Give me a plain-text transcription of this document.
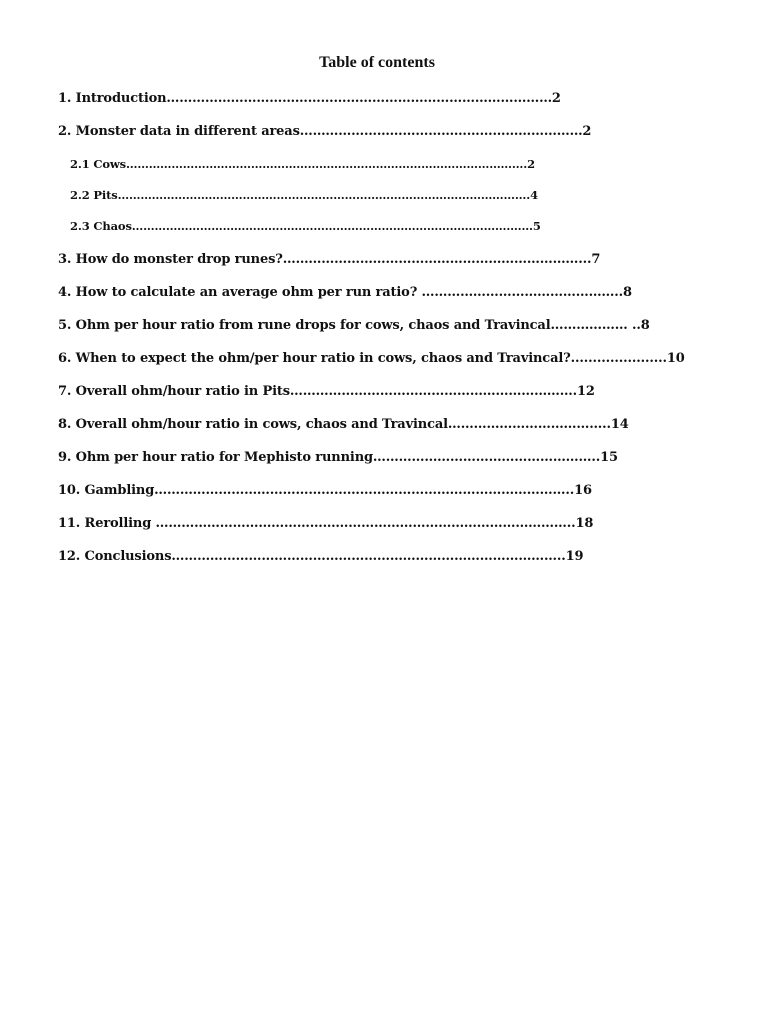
Table of contents
1. Introduction………………………………………………………………………………2
2. Monster data in different areas…………………………………………………………2
2.1 Cows…………………………………………………………………………………………….2
2.2 Pits……………………………………………………………………………………………….4
2.3 Chaos………………………………………………………………………………………….…5
3. How do monster drop runes?……………………………………………………………...7
4. How to calculate an average ohm per run ratio? ………………………………………..8
5. Ohm per hour ratio from rune drops for cows, chaos and Travincal……………… ..8
6. When to expect the ohm/per hour ratio in cows, chaos and Travincal?......................10
7. Overall ohm/hour ratio in Pits………………………………………………………….12
8. Overall ohm/hour ratio in cows, chaos and Travincal………………………………..14
9. Ohm per hour ratio for Mephisto running……………………………………………..15
10. Gambling……………………………………………………………………………………..16
11. Rerolling ……………………………………………………………………………………..18
12. Conclusions………………………………………………………………………………..19
